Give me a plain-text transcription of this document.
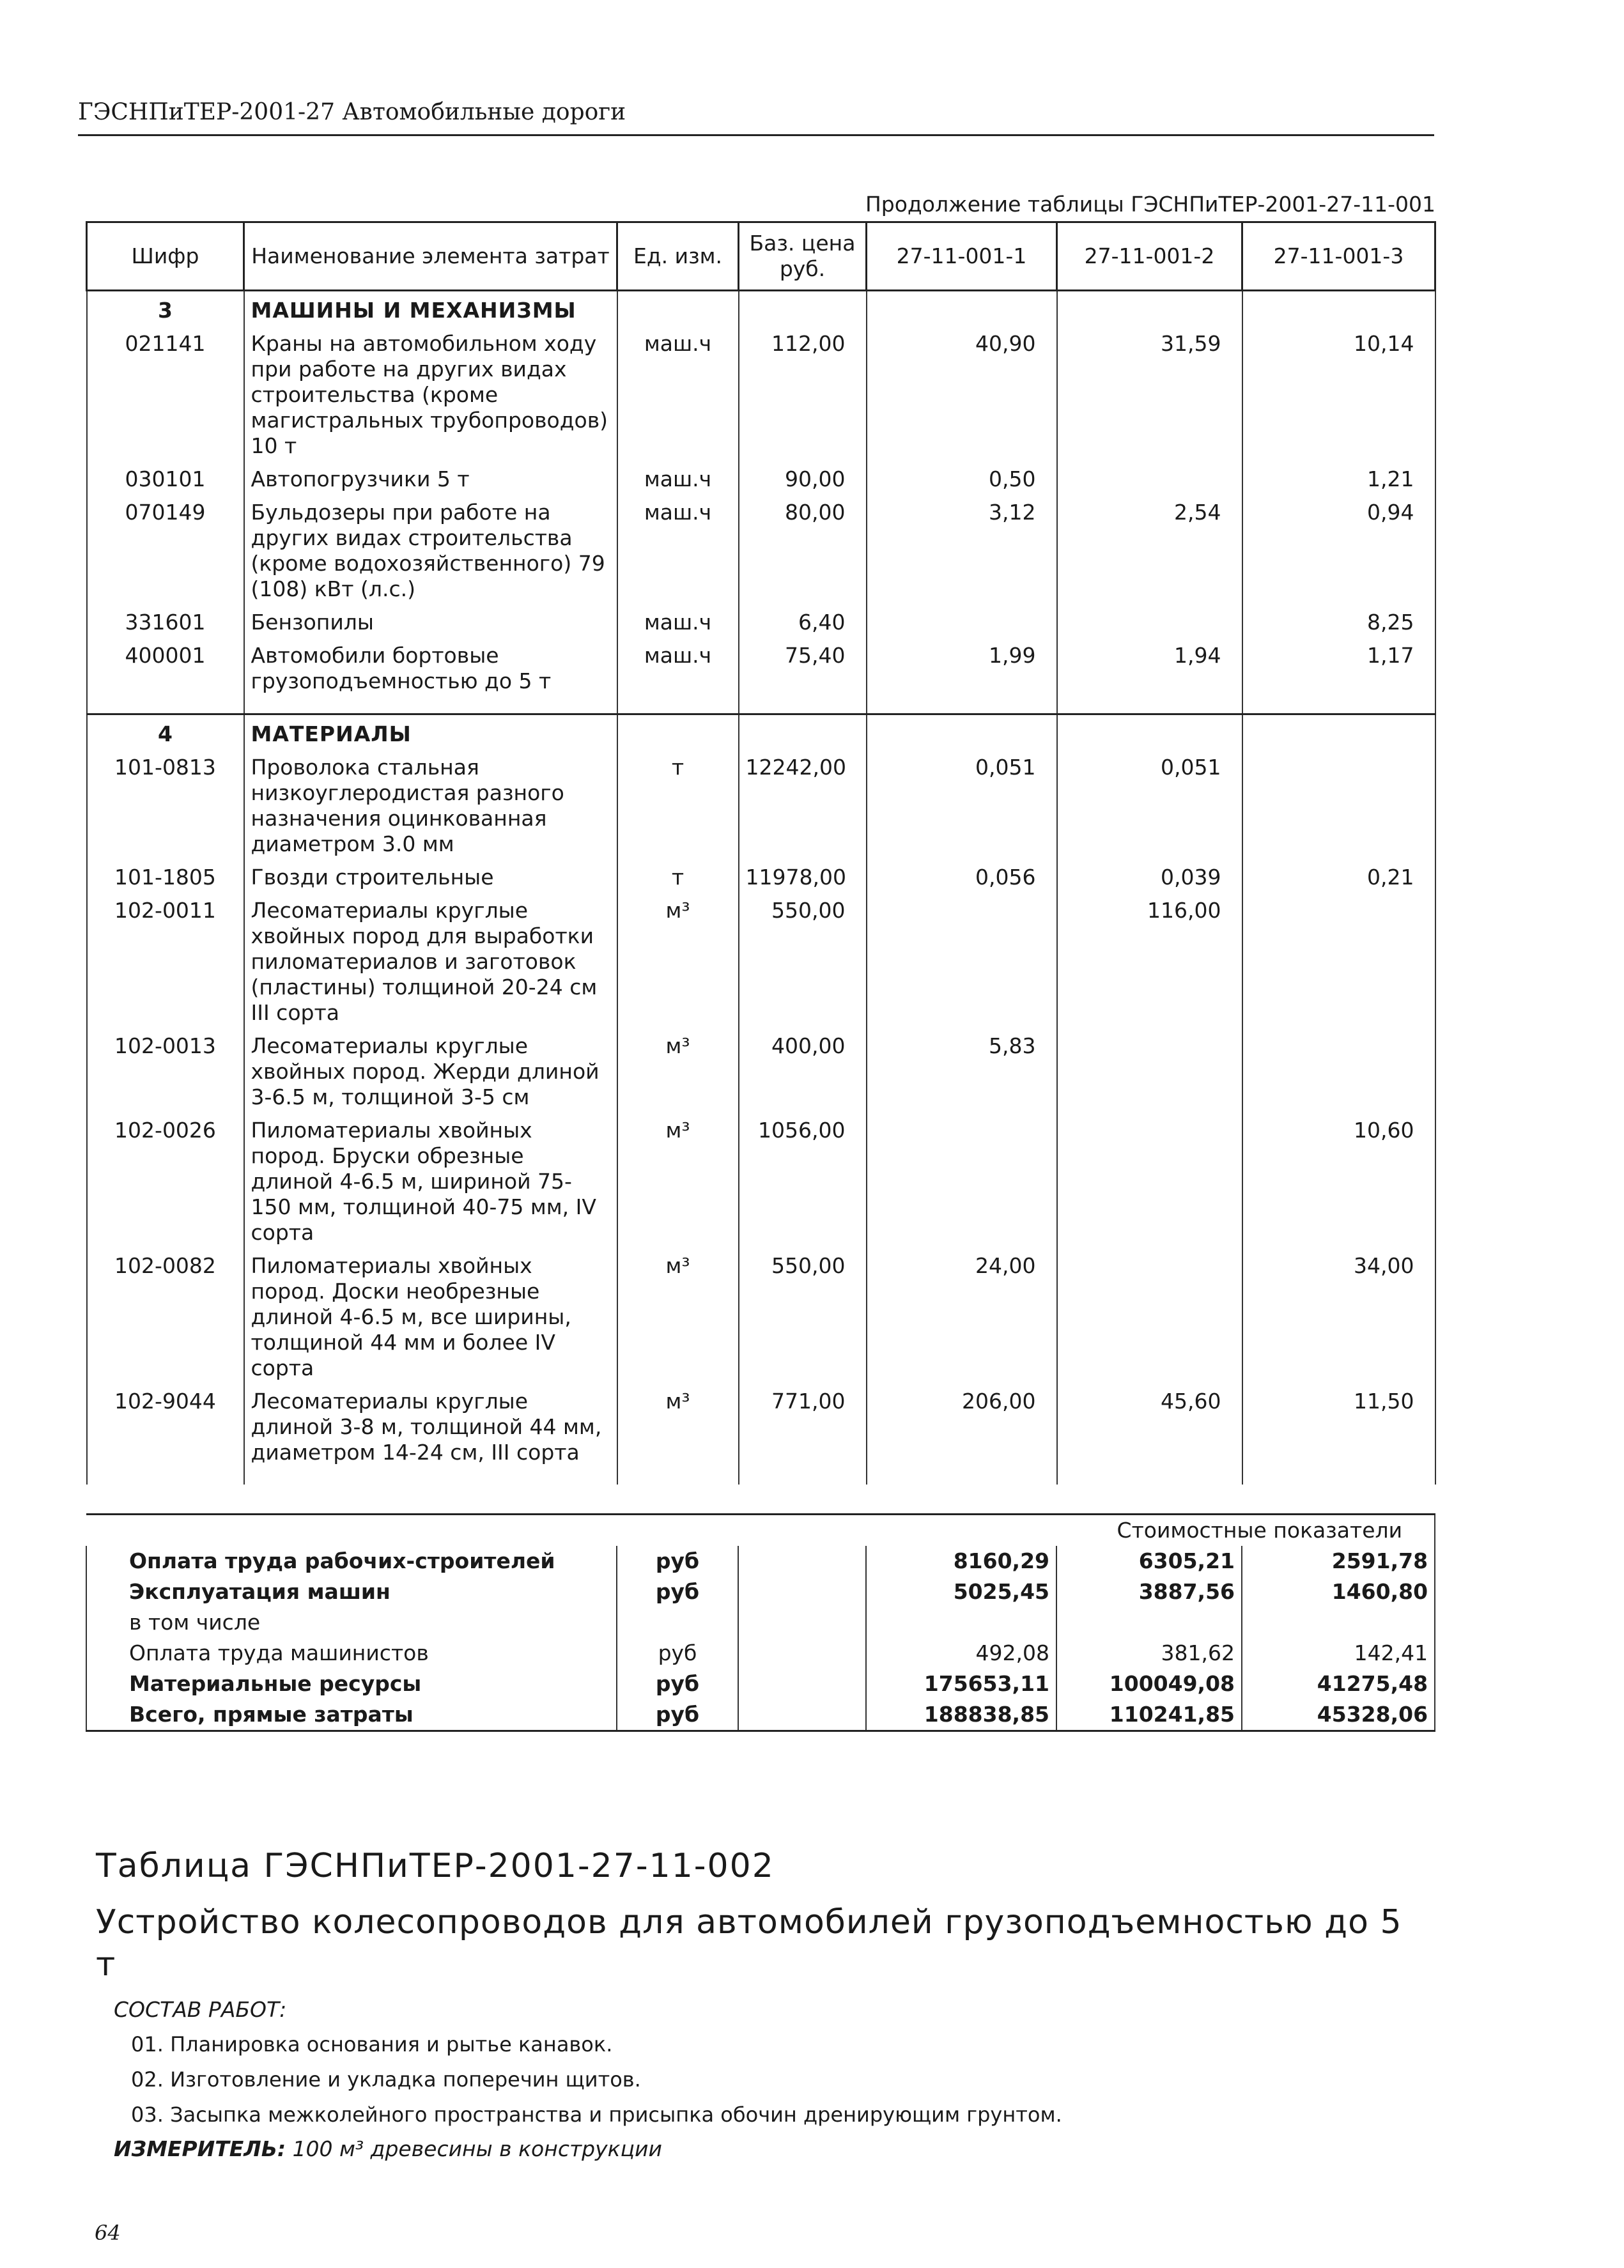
ГЭСНПиТЕР-2001-27 Автомобильные дороги
Продолжение таблицы ГЭСНПиТЕР-2001-27-11-001
Шифр	Наименование элемента затрат	Ед. изм.	Баз. цена руб.	27-11-001-1	27-11-001-2	27-11-001-3
3	МАШИНЫ И МЕХАНИЗМЫ					
021141	Краны на автомобильном ходу при работе на других видах строительства (кроме магистральных трубопроводов) 10 т	маш.ч	112,00	40,90	31,59	10,14
030101	Автопогрузчики 5 т	маш.ч	90,00	0,50		1,21
070149	Бульдозеры при работе на других видах строительства (кроме водохозяйственного) 79 (108) кВт (л.с.)	маш.ч	80,00	3,12	2,54	0,94
331601	Бензопилы	маш.ч	6,40			8,25
400001	Автомобили бортовые грузоподъемностью до 5 т	маш.ч	75,40	1,99	1,94	1,17

4	МАТЕРИАЛЫ					
101-0813	Проволока стальная низкоуглеродистая разного назначения оцинкованная диаметром 3.0 мм	т	12242,00	0,051	0,051	
101-1805	Гвозди строительные	т	11978,00	0,056	0,039	0,21
102-0011	Лесоматериалы круглые хвойных пород для выработки пиломатериалов и заготовок (пластины) толщиной 20-24 см III сорта	м³	550,00		116,00	
102-0013	Лесоматериалы круглые хвойных пород. Жерди длиной 3-6.5 м, толщиной 3-5 см	м³	400,00	5,83		
102-0026	Пиломатериалы хвойных пород. Бруски обрезные длиной 4-6.5 м, шириной 75-150 мм, толщиной 40-75 мм, IV сорта	м³	1056,00			10,60
102-0082	Пиломатериалы хвойных пород. Доски необрезные длиной 4-6.5 м, все ширины, толщиной 44 мм и более IV сорта	м³	550,00	24,00		34,00
102-9044	Лесоматериалы круглые длиной 3-8 м, толщиной 44 мм, диаметром 14-24 см, III сорта	м³	771,00	206,00	45,60	11,50

Стоимостные показатели					
Оплата труда рабочих-строителей	руб		8160,29	6305,21	2591,78
Эксплуатация машин	руб		5025,45	3887,56	1460,80
в том числе					
Оплата труда машинистов	руб		492,08	381,62	142,41
Материальные ресурсы	руб		175653,11	100049,08	41275,48
Всего, прямые затраты	руб		188838,85	110241,85	45328,06
Таблица ГЭСНПиТЕР-2001-27-11-002
Устройство колесопроводов для автомобилей грузоподъемностью до 5 т
СОСТАВ РАБОТ:
01. Планировка основания и рытье канавок.
02. Изготовление и укладка поперечин щитов.
03. Засыпка межколейного пространства и присыпка обочин дренирующим грунтом.
ИЗМЕРИТЕЛЬ: 100 м³ древесины в конструкции
64
